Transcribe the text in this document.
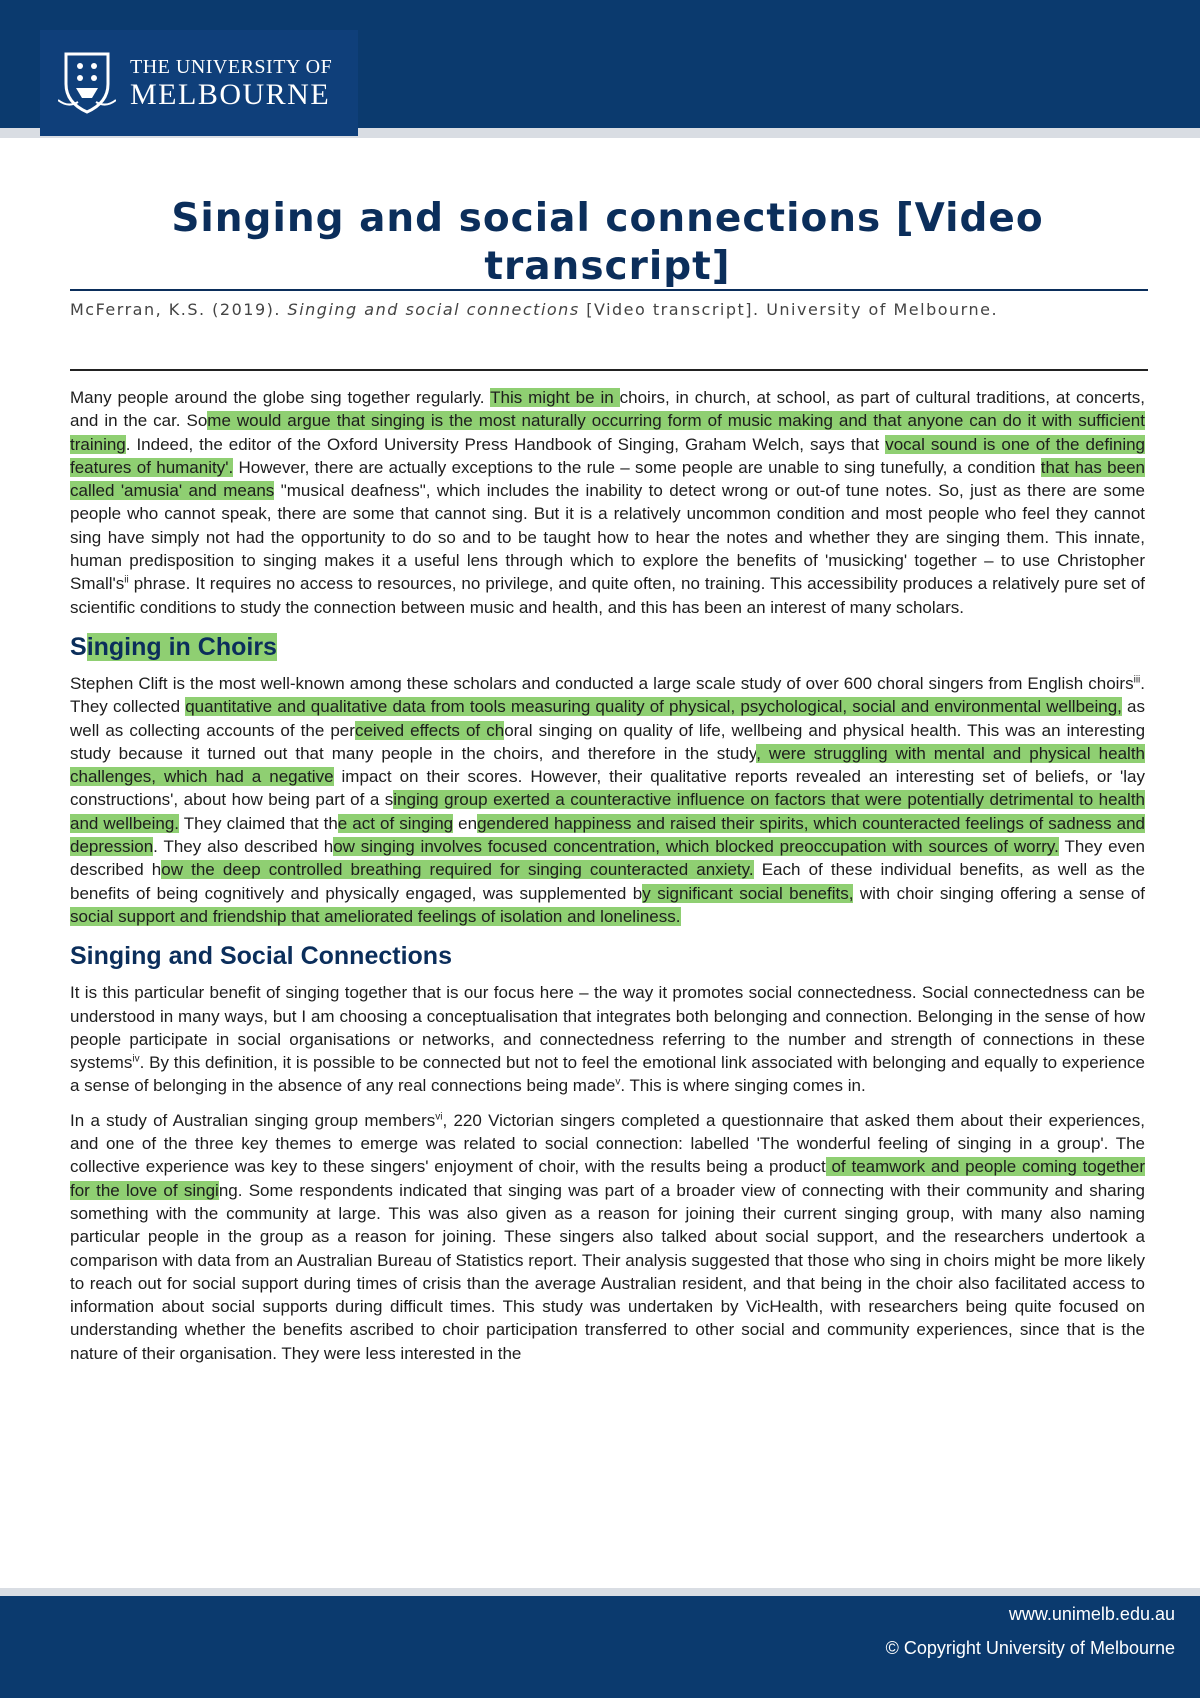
THE UNIVERSITY OF
MELBOURNE
Singing and social connections [Video transcript]
McFerran, K.S. (2019). Singing and social connections [Video transcript]. University of Melbourne.

Many people around the globe sing together regularly. This might be in choirs, in church, at school, as part of cultural traditions, at concerts, and in the car. Some would argue that singing is the most naturally occurring form of music making and that anyone can do it with sufficient training. Indeed, the editor of the Oxford University Press Handbook of Singing, Graham Welch, says that vocal sound is one of the defining features of humanity'. However, there are actually exceptions to the rule – some people are unable to sing tunefully, a condition that has been called 'amusia' and means "musical deafness", which includes the inability to detect wrong or out-of tune notes. So, just as there are some people who cannot speak, there are some that cannot sing. But it is a relatively uncommon condition and most people who feel they cannot sing have simply not had the opportunity to do so and to be taught how to hear the notes and whether they are singing them. This innate, human predisposition to singing makes it a useful lens through which to explore the benefits of 'musicking' together – to use Christopher $Small's^{ii}$ phrase. It requires no access to resources, no privilege, and quite often, no training. This accessibility produces a relatively pure set of scientific conditions to study the connection between music and health, and this has been an interest of many scholars.

Singing in Choirs

Stephen Clift is the most well-known among these scholars and conducted a large scale study of over 600 choral singers from English choirs$^{iii}$. They collected quantitative and qualitative data from tools measuring quality of physical, psychological, social and environmental wellbeing, as well as collecting accounts of the perceived effects of choral singing on quality of life, wellbeing and physical health. This was an interesting study because it turned out that many people in the choirs, and therefore in the study, were struggling with mental and physical health challenges, which had a negative impact on their scores. However, their qualitative reports revealed an interesting set of beliefs, or 'lay constructions', about how being part of a singing group exerted a counteractive influence on factors that were potentially detrimental to health and wellbeing. They claimed that the act of singing engendered happiness and raised their spirits, which counteracted feelings of sadness and depression. They also described how singing involves focused concentration, which blocked preoccupation with sources of worry. They even described how the deep controlled breathing required for singing counteracted anxiety. Each of these individual benefits, as well as the benefits of being cognitively and physically engaged, was supplemented by significant social benefits, with choir singing offering a sense of social support and friendship that ameliorated feelings of isolation and loneliness.

Singing and Social Connections

It is this particular benefit of singing together that is our focus here – the way it promotes social connectedness. Social connectedness can be understood in many ways, but I am choosing a conceptualisation that integrates both belonging and connection. Belonging in the sense of how people participate in social organisations or networks, and connectedness referring to the number and strength of connections in these systems$^{iv}$. By this definition, it is possible to be connected but not to feel the emotional link associated with belonging and equally to experience a sense of belonging in the absence of any real connections being made$^v$. This is where singing comes in.

In a study of Australian singing group members$^{vi}$, 220 Victorian singers completed a questionnaire that asked them about their experiences, and one of the three key themes to emerge was related to social connection: labelled 'The wonderful feeling of singing in a group'. The collective experience was key to these singers' enjoyment of choir, with the results being a product of teamwork and people coming together for the love of singing. Some respondents indicated that singing was part of a broader view of connecting with their community and sharing something with the community at large. This was also given as a reason for joining their current singing group, with many also naming particular people in the group as a reason for joining. These singers also talked about social support, and the researchers undertook a comparison with data from an Australian Bureau of Statistics report. Their analysis suggested that those who sing in choirs might be more likely to reach out for social support during times of crisis than the average Australian resident, and that being in the choir also facilitated access to information about social supports during difficult times. This study was undertaken by VicHealth, with researchers being quite focused on understanding whether the benefits ascribed to choir participation transferred to other social and community experiences, since that is the nature of their organisation. They were less interested in the

www.unimelb.edu.au
© Copyright University of Melbourne
